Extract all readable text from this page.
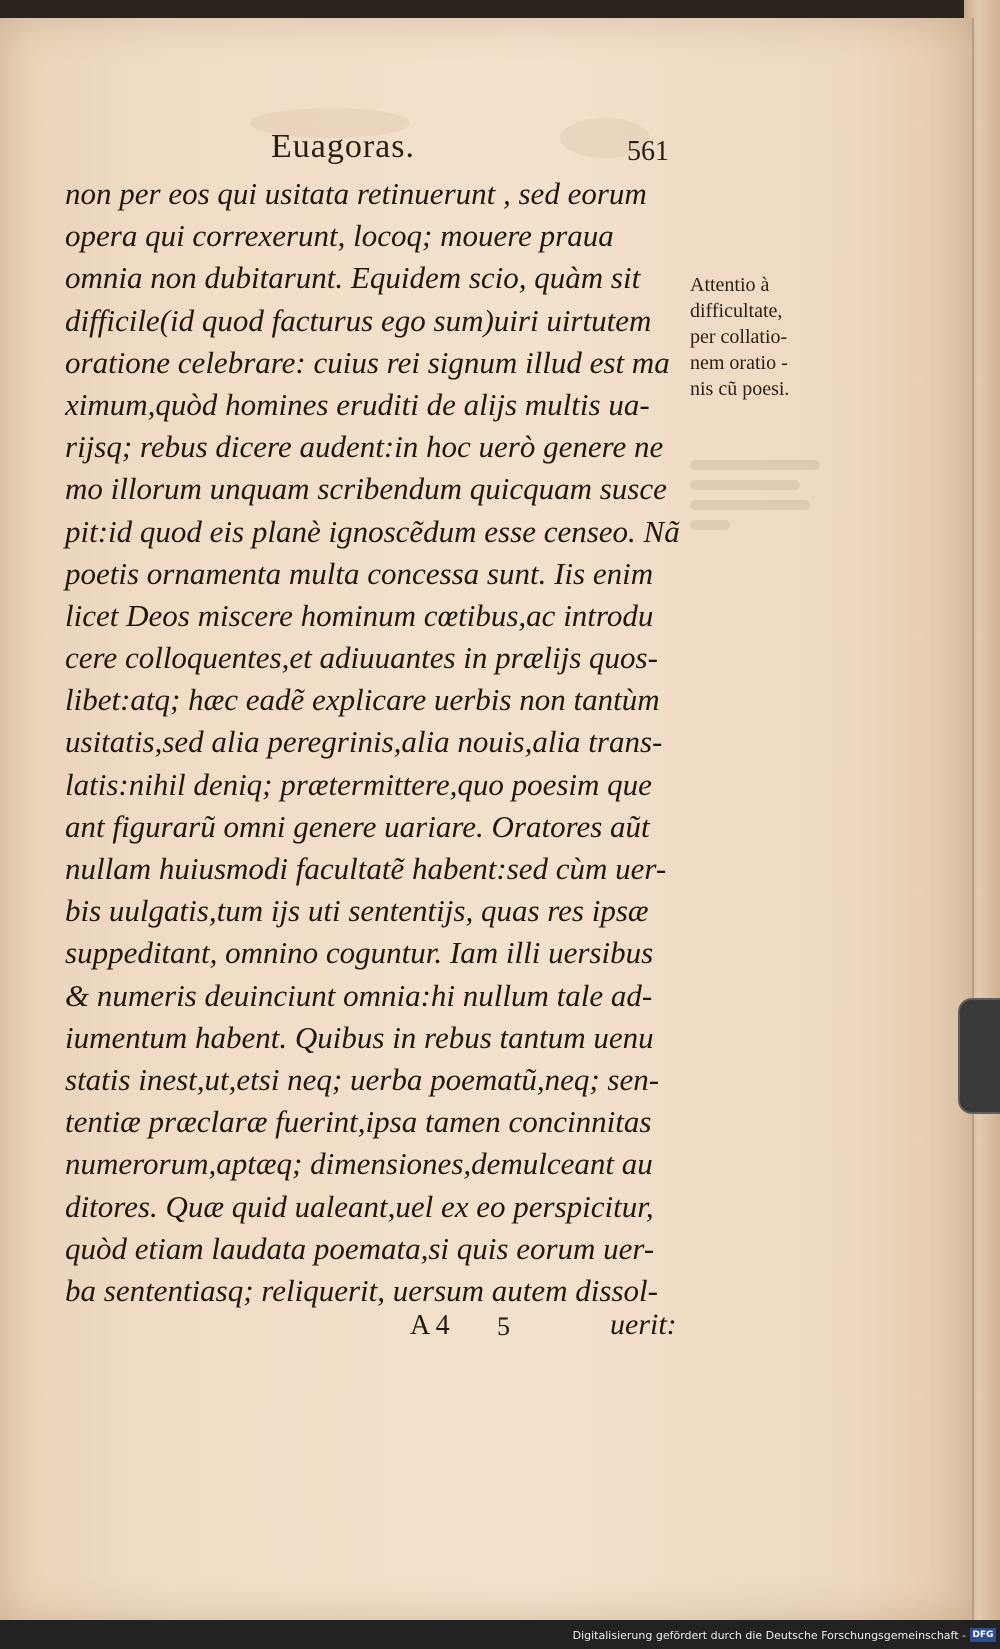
Euagoras.	561
non per eos qui usitata retinuerunt , sed eorum
opera qui correxerunt, locoq; mouere praua
omnia non dubitarunt. Equidem scio, quàm sit
difficile(id quod facturus ego sum)uiri uirtutem
oratione celebrare: cuius rei signum illud est ma
ximum,quòd homines eruditi de alijs multis ua-
rijsq; rebus dicere audent:in hoc uerò genere ne
mo illorum unquam scribendum quicquam susce
pit:id quod eis planè ignoscẽdum esse censeo. Nã
poetis ornamenta multa concessa sunt. Iis enim
licet Deos miscere hominum cœtibus,ac introdu
cere colloquentes,et adiuuantes in prælijs quos-
libet:atq; hæc eadẽ explicare uerbis non tantùm
usitatis,sed alia peregrinis,alia nouis,alia trans-
latis:nihil deniq; prætermittere,quo poesim que
ant figurarũ omni genere uariare. Oratores aũt
nullam huiusmodi facultatẽ habent:sed cùm uer-
bis uulgatis,tum ijs uti sententijs, quas res ipsæ
suppeditant, omnino coguntur. Iam illi uersibus
& numeris deuinciunt omnia:hi nullum tale ad-
iumentum habent. Quibus in rebus tantum uenu
statis inest,ut,etsi neq; uerba poematũ,neq; sen-
tentiæ præclaræ fuerint,ipsa tamen concinnitas
numerorum,aptæq; dimensiones,demulceant au
ditores. Quæ quid ualeant,uel ex eo perspicitur,
quòd etiam laudata poemata,si quis eorum uer-
ba sententiasq; reliquerit, uersum autem dissol-
Attentio à
difficultate,
per collatio-
nem oratio -
nis cũ poesi.
A 4 5	uerit:
Digitalisierung gefördert durch die Deutsche Forschungsgemeinschaft - DFG
